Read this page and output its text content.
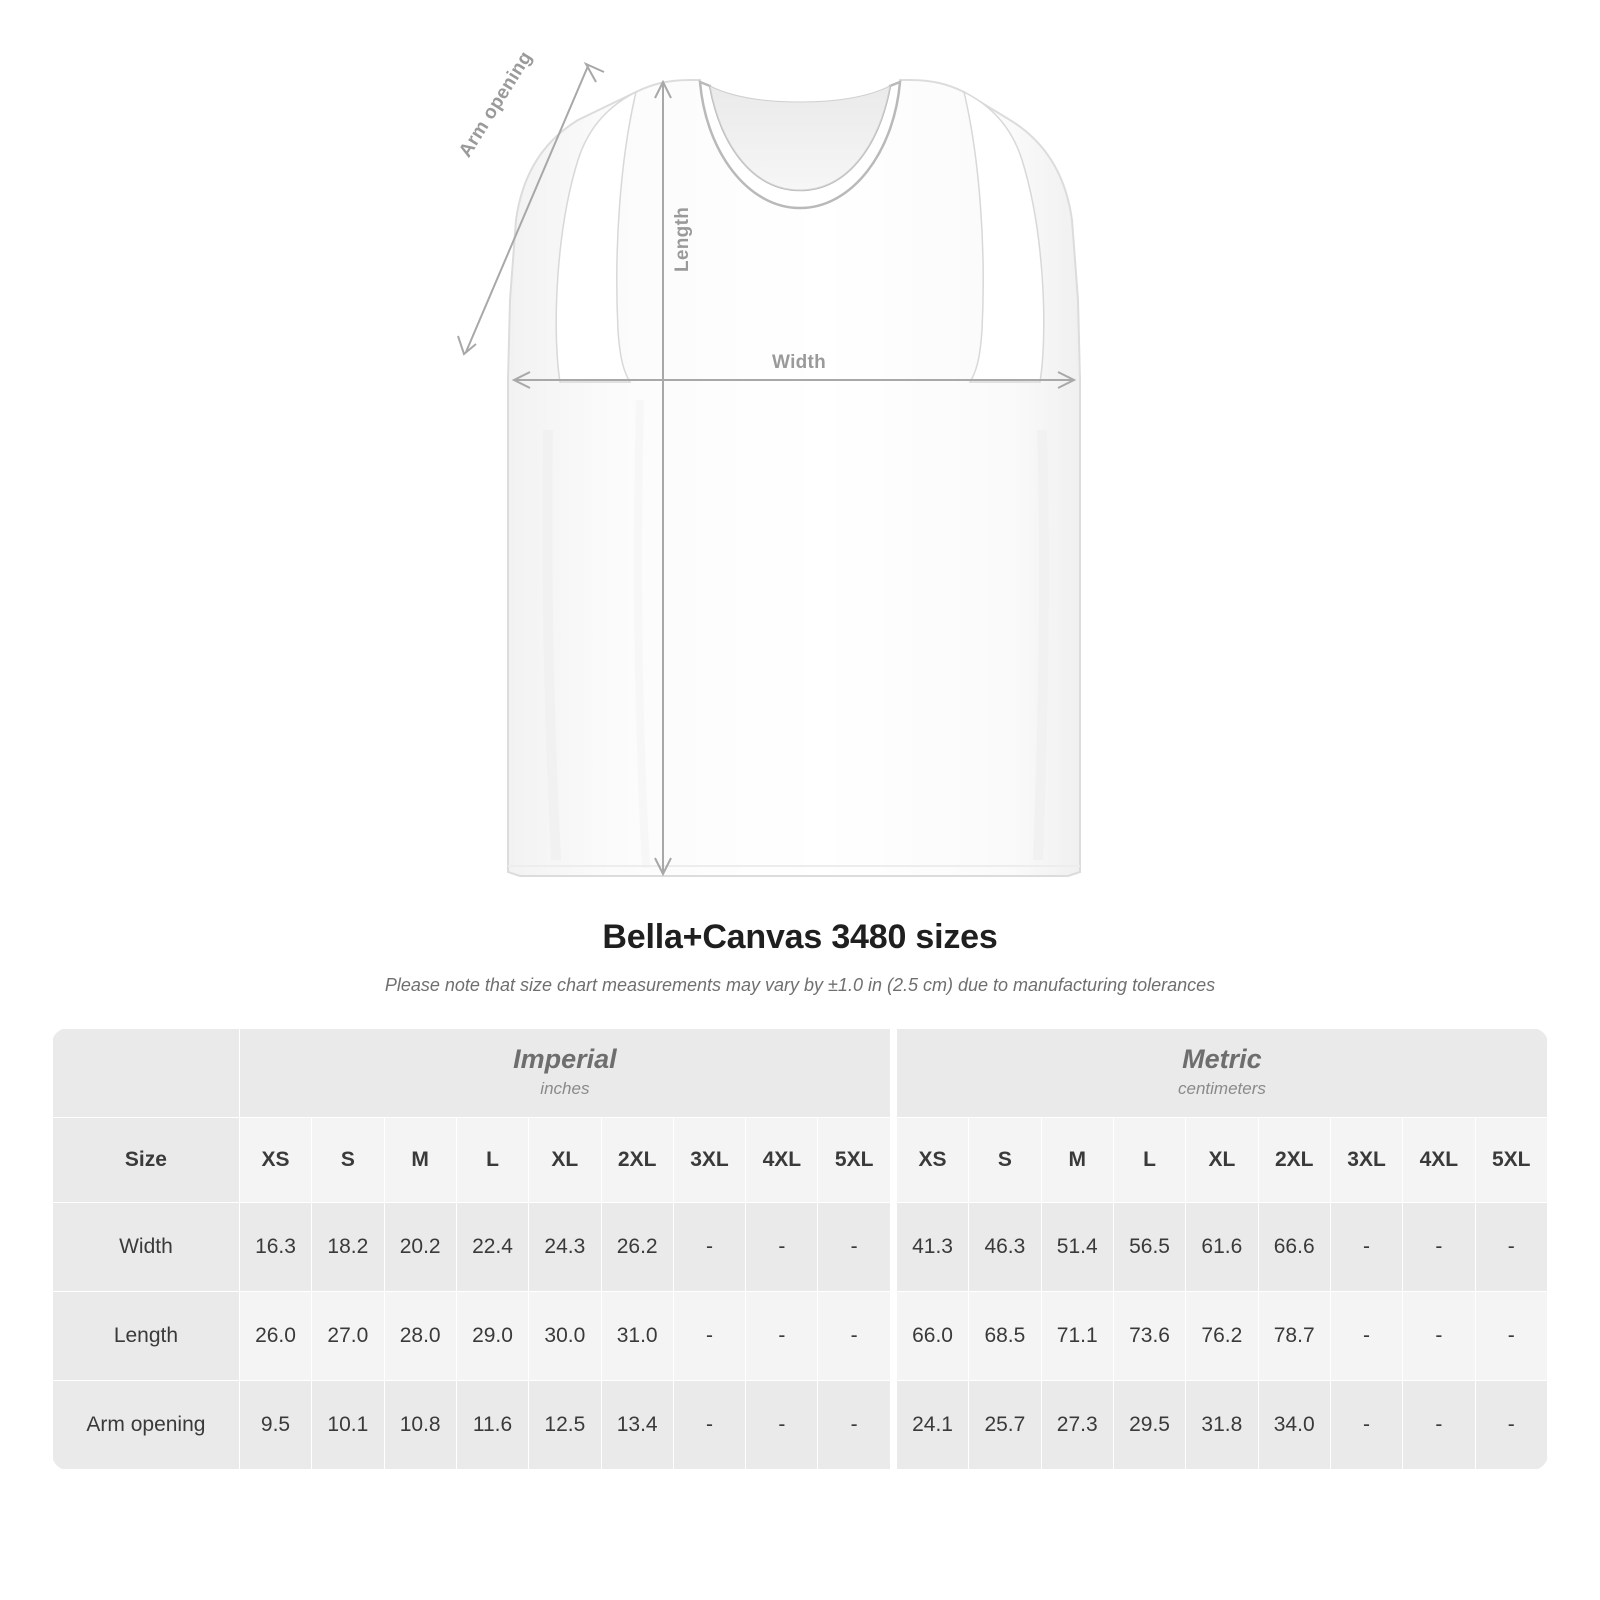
Arm opening
Length
Width
Bella+Canvas 3480 sizes

Please note that size chart measurements may vary by ±1.0 in (2.5 cm) due to manufacturing tolerances

Imperial
inches

Metric
centimeters

Size	XS	S	M	L	XL	2XL	3XL	4XL	5XL		XS	S	M	L	XL	2XL	3XL	4XL	5XL
Width	16.3	18.2	20.2	22.4	24.3	26.2	-	-	-		41.3	46.3	51.4	56.5	61.6	66.6	-	-	-
Length	26.0	27.0	28.0	29.0	30.0	31.0	-	-	-		66.0	68.5	71.1	73.6	76.2	78.7	-	-	-
Arm opening	9.5	10.1	10.8	11.6	12.5	13.4	-	-	-		24.1	25.7	27.3	29.5	31.8	34.0	-	-	-
